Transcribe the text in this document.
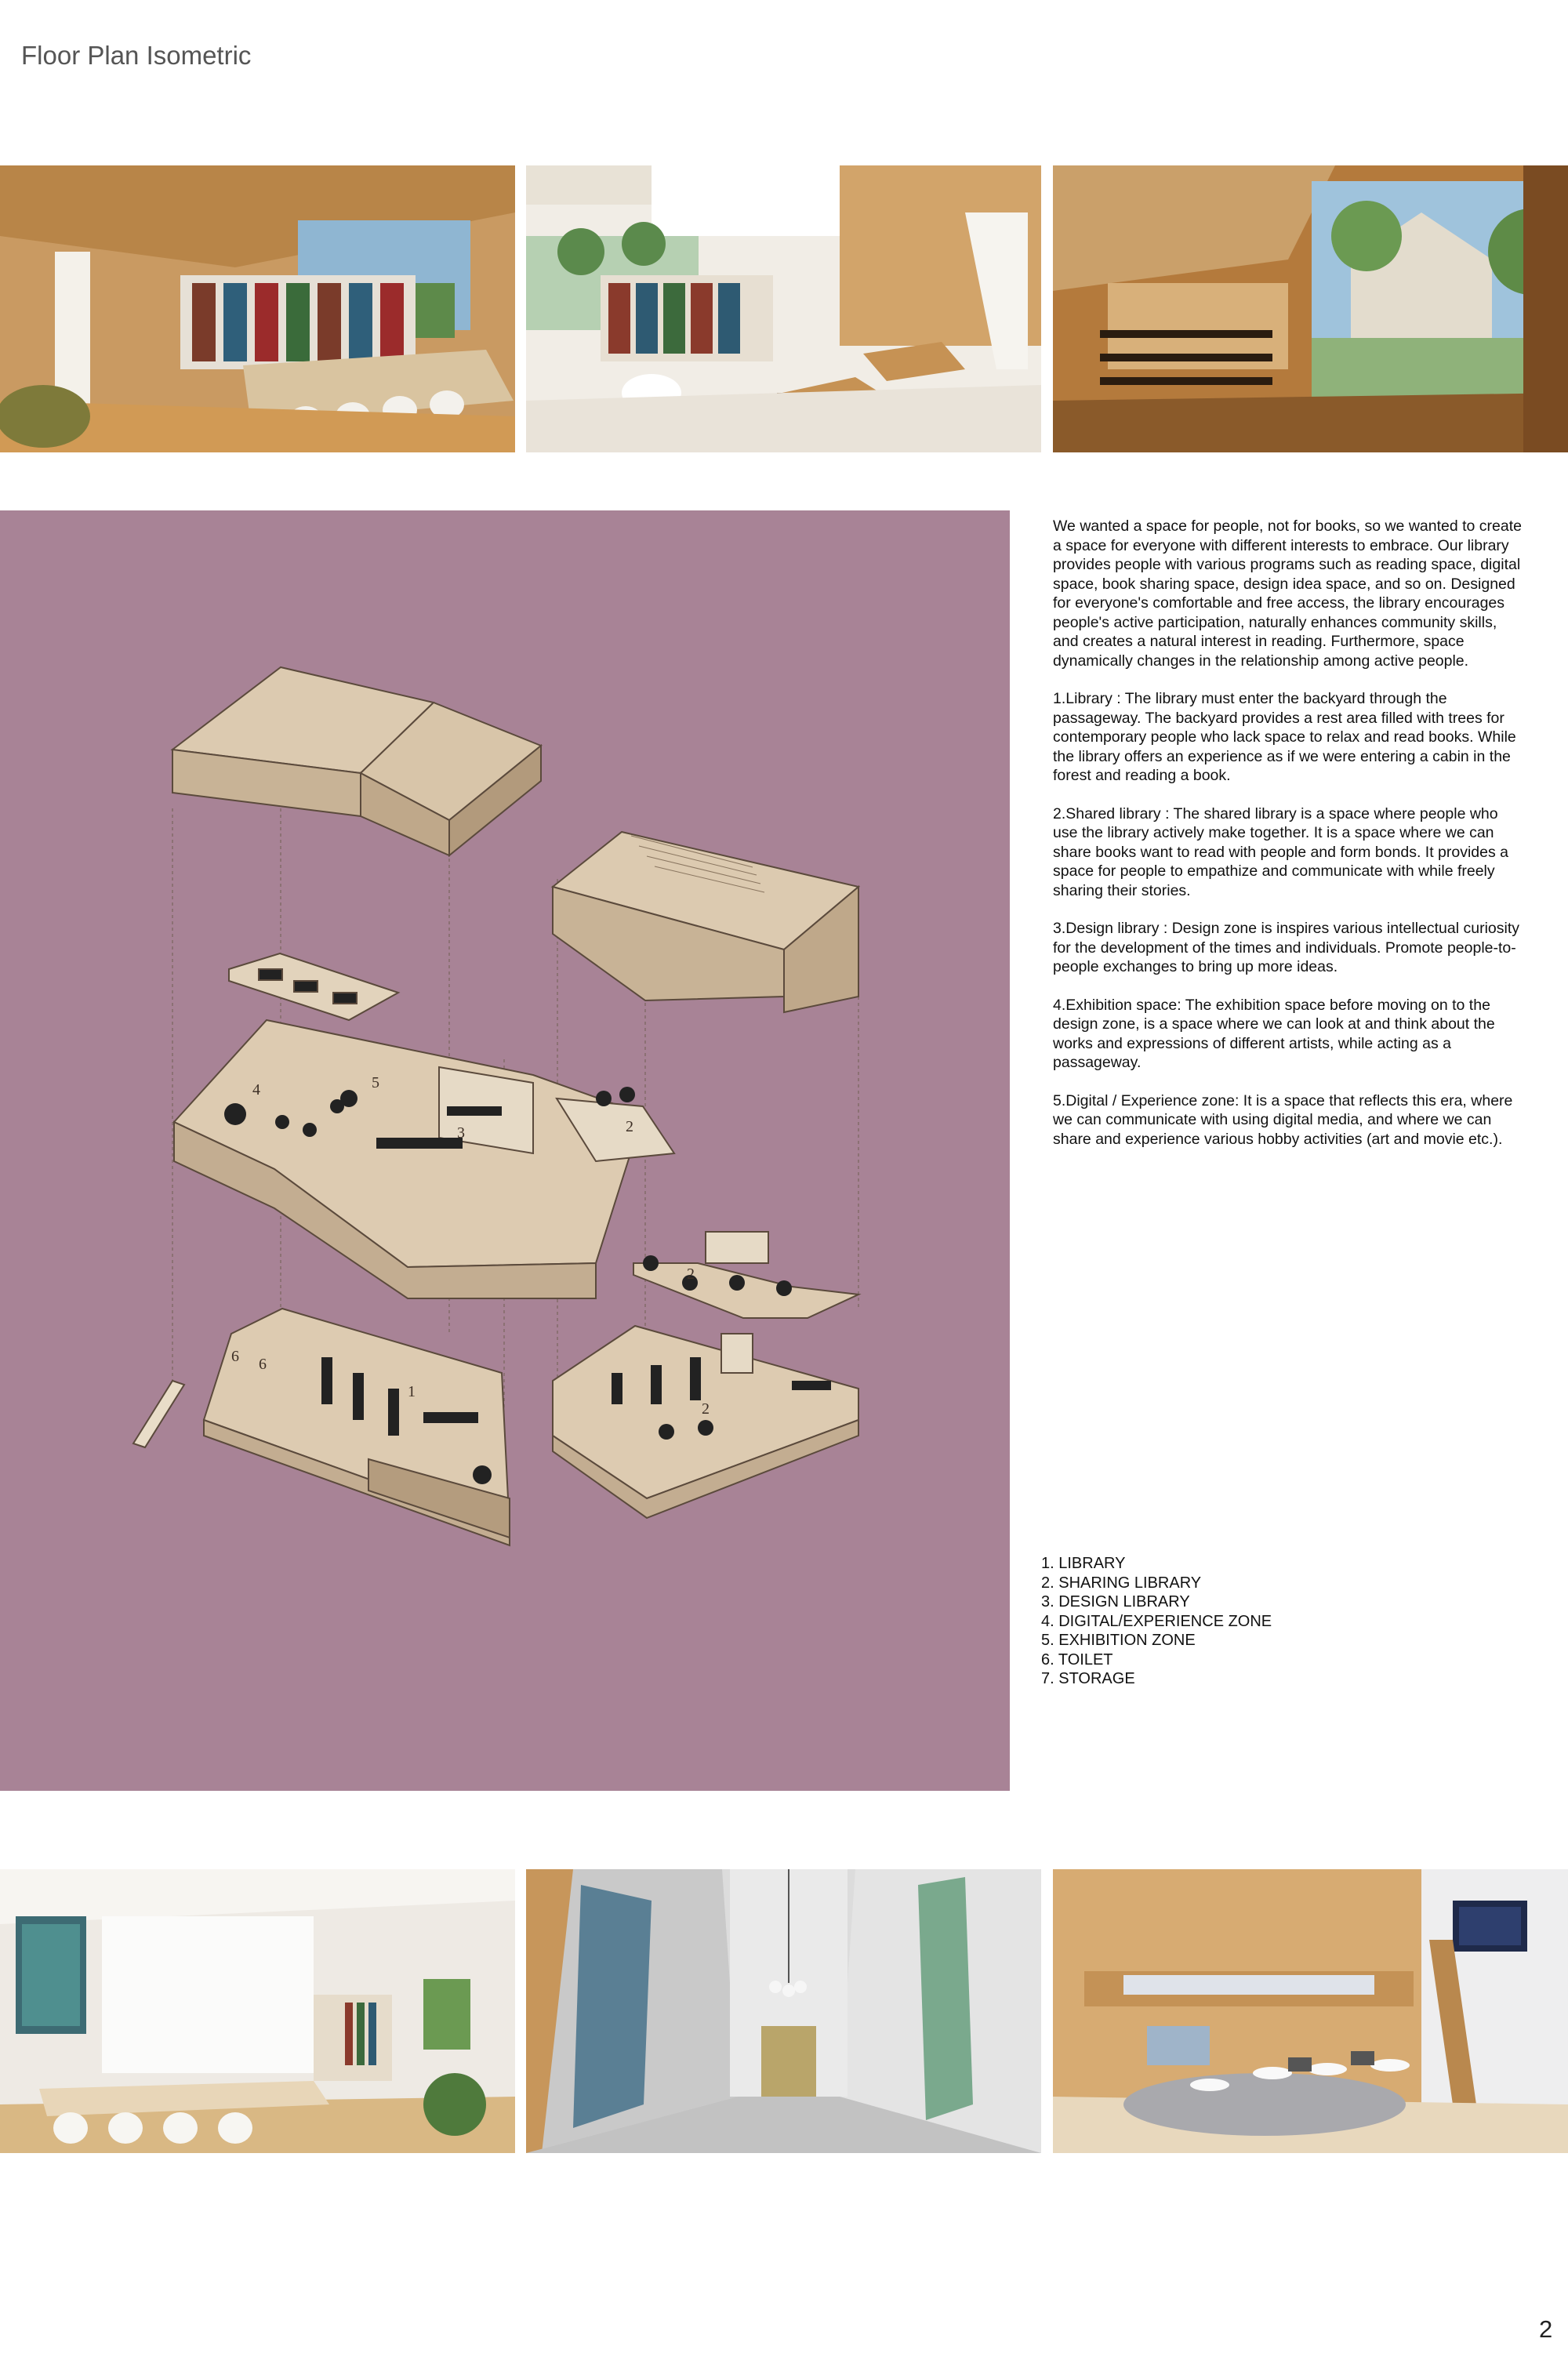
Floor Plan Isometric
1
2
2
2
3
4	5
6 6

We wanted a space for people, not for books, so we wanted to create a space for everyone with different interests to embrace. Our library provides people with various programs such as reading space, digital space, book sharing space, design idea space, and so on. Designed for everyone's comfortable and free access, the library encourages people's active participation, naturally enhances community skills, and creates a natural interest in reading. Furthermore, space dynamically changes in the relationship among active people.

1.Library : The library must enter the backyard through the passageway. The backyard provides a rest area filled with trees for contemporary people who lack space to relax and read books. While the library offers an experience as if we were entering a cabin in the forest and reading a book.

2.Shared library : The shared library is a space where people who use the library actively make together. It is a space where we can share books want to read with people and form bonds. It provides a space for people to empathize and communicate with while freely sharing their stories.

3.Design library : Design zone is inspires various intellectual curiosity for the development of the times and individuals. Promote people-to-people exchanges to bring up more ideas.

4.Exhibition space: The exhibition space before moving on to the design zone, is a space where we can look at and think about the works and expressions of different artists, while acting as a passageway.

5.Digital / Experience zone: It is a space that reflects this era, where we can communicate with using digital media, and where we can share and experience various hobby activities (art and movie etc.).

1. LIBRARY
2. SHARING LIBRARY
3. DESIGN LIBRARY
4. DIGITAL/EXPERIENCE ZONE
5. EXHIBITION ZONE
6. TOILET
7. STORAGE
2
